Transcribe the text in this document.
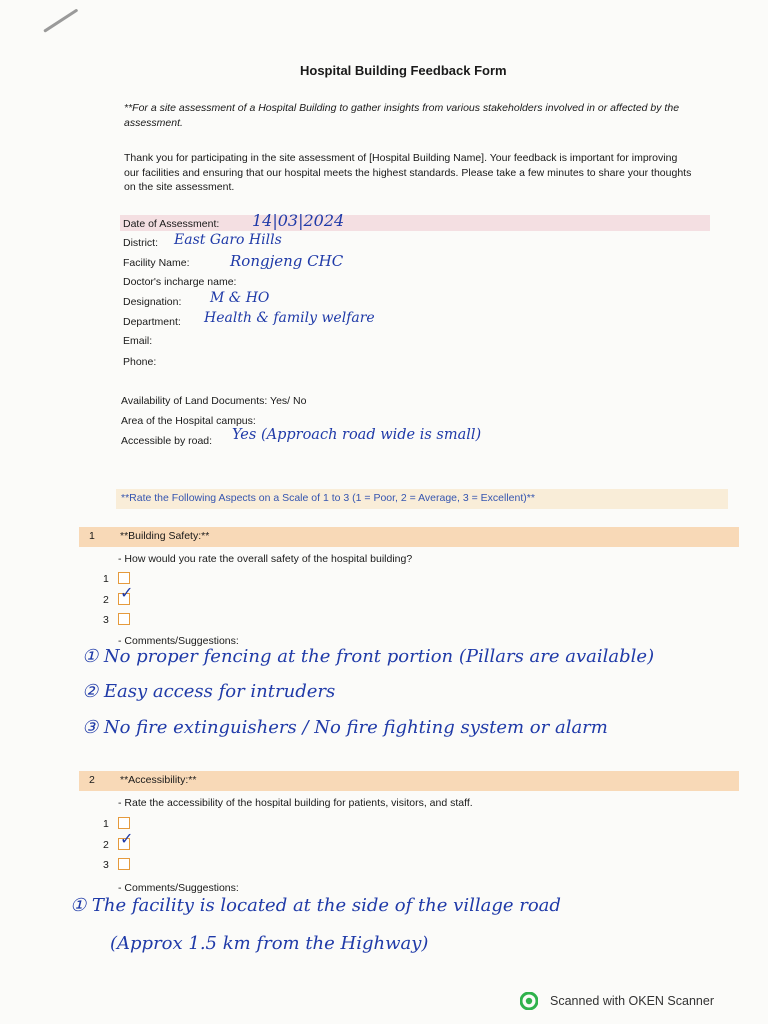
Hospital Building Feedback Form
**For a site assessment of a Hospital Building to gather insights from various stakeholders involved in or affected by the assessment.
Thank you for participating in the site assessment of [Hospital Building Name]. Your feedback is important for improving our facilities and ensuring that our hospital meets the highest standards. Please take a few minutes to share your thoughts on the site assessment.
Date of Assessment: 14|03|2024
District: East Garo Hills
Facility Name:	Rongjeng CHC
Doctor's incharge name:
Designation: M & HO
Department: Health & family welfare
Email:
Phone:
Availability of Land Documents: Yes/ No
Area of the Hospital campus:
Accessible by road: Yes (Approach road wide is small)
**Rate the Following Aspects on a Scale of 1 to 3 (1 = Poor, 2 = Average, 3 = Excellent)**
1 **Building Safety:**
- How would you rate the overall safety of the hospital building?
1
2 ✓
3
- Comments/Suggestions:
① No proper fencing at the front portion (Pillars are available)
② Easy access for intruders
③ No fire extinguishers / No fire fighting system or alarm
2 **Accessibility:**
- Rate the accessibility of the hospital building for patients, visitors, and staff.
1
2 ✓
3
- Comments/Suggestions:
① The facility is located at the side of the village road
(Approx 1.5 km from the Highway)
Scanned with OKEN Scanner
